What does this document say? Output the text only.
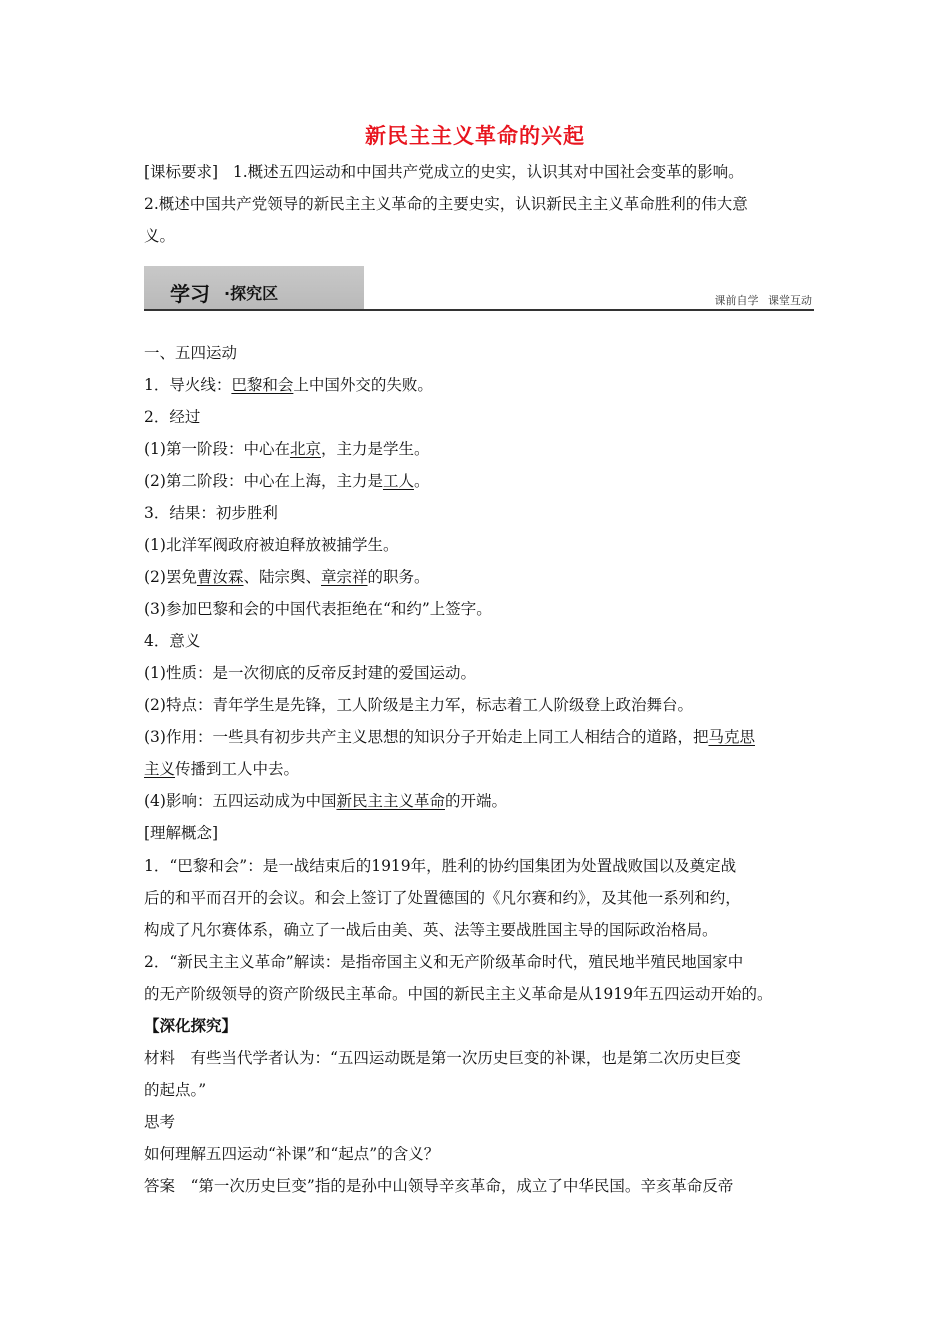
新民主主义革命的兴起
[课标要求] 1.概述五四运动和中国共产党成立的史实，认识其对中国社会变革的影响。
2.概述中国共产党领导的新民主主义革命的主要史实，认识新民主主义革命胜利的伟大意
义。
学习 ·探究区	课前自学 课堂互动
一、五四运动
1．导火线：巴黎和会上中国外交的失败。
2．经过
(1)第一阶段：中心在北京，主力是学生。
(2)第二阶段：中心在上海，主力是工人。
3．结果：初步胜利
(1)北洋军阀政府被迫释放被捕学生。
(2)罢免曹汝霖、陆宗舆、章宗祥的职务。
(3)参加巴黎和会的中国代表拒绝在“和约”上签字。
4．意义
(1)性质：是一次彻底的反帝反封建的爱国运动。
(2)特点：青年学生是先锋，工人阶级是主力军，标志着工人阶级登上政治舞台。
(3)作用：一些具有初步共产主义思想的知识分子开始走上同工人相结合的道路，把马克思
主义传播到工人中去。
(4)影响：五四运动成为中国新民主主义革命的开端。
[理解概念]
1．“巴黎和会”：是一战结束后的1919年，胜利的协约国集团为处置战败国以及奠定战
后的和平而召开的会议。和会上签订了处置德国的《凡尔赛和约》，及其他一系列和约，
构成了凡尔赛体系，确立了一战后由美、英、法等主要战胜国主导的国际政治格局。
2．“新民主主义革命”解读：是指帝国主义和无产阶级革命时代，殖民地半殖民地国家中
的无产阶级领导的资产阶级民主革命。中国的新民主主义革命是从1919年五四运动开始的。
【深化探究】
材料　有些当代学者认为：“五四运动既是第一次历史巨变的补课，也是第二次历史巨变
的起点。”
思考
如何理解五四运动“补课”和“起点”的含义？
答案　“第一次历史巨变”指的是孙中山领导辛亥革命，成立了中华民国。辛亥革命反帝
